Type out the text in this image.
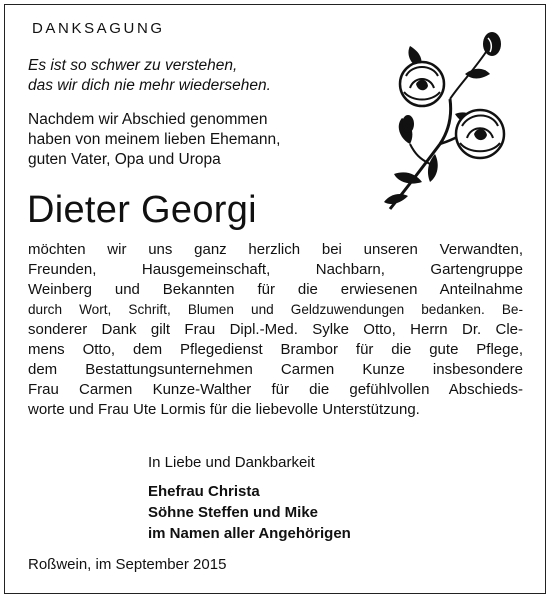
DANKSAGUNG
Es ist so schwer zu verstehen,
das wir dich nie mehr wiedersehen.
Nachdem wir Abschied genommen
haben von meinem lieben Ehemann,
guten Vater, Opa und Uropa
Dieter Georgi
möchten wir uns ganz herzlich bei unseren Verwandten,
Freunden, Hausgemeinschaft, Nachbarn, Gartengruppe
Weinberg und Bekannten für die erwiesenen Anteilnahme
durch Wort, Schrift, Blumen und Geldzuwendungen bedanken. Be-
sonderer Dank gilt Frau Dipl.-Med. Sylke Otto, Herrn Dr. Cle-
mens Otto, dem Pflegedienst Brambor für die gute Pflege,
dem Bestattungsunternehmen Carmen Kunze insbesondere
Frau Carmen Kunze-Walther für die gefühlvollen Abschieds-
worte und Frau Ute Lormis für die liebevolle Unterstützung.
In Liebe und Dankbarkeit
Ehefrau Christa
Söhne Steffen und Mike
im Namen aller Angehörigen
Roßwein, im September 2015
